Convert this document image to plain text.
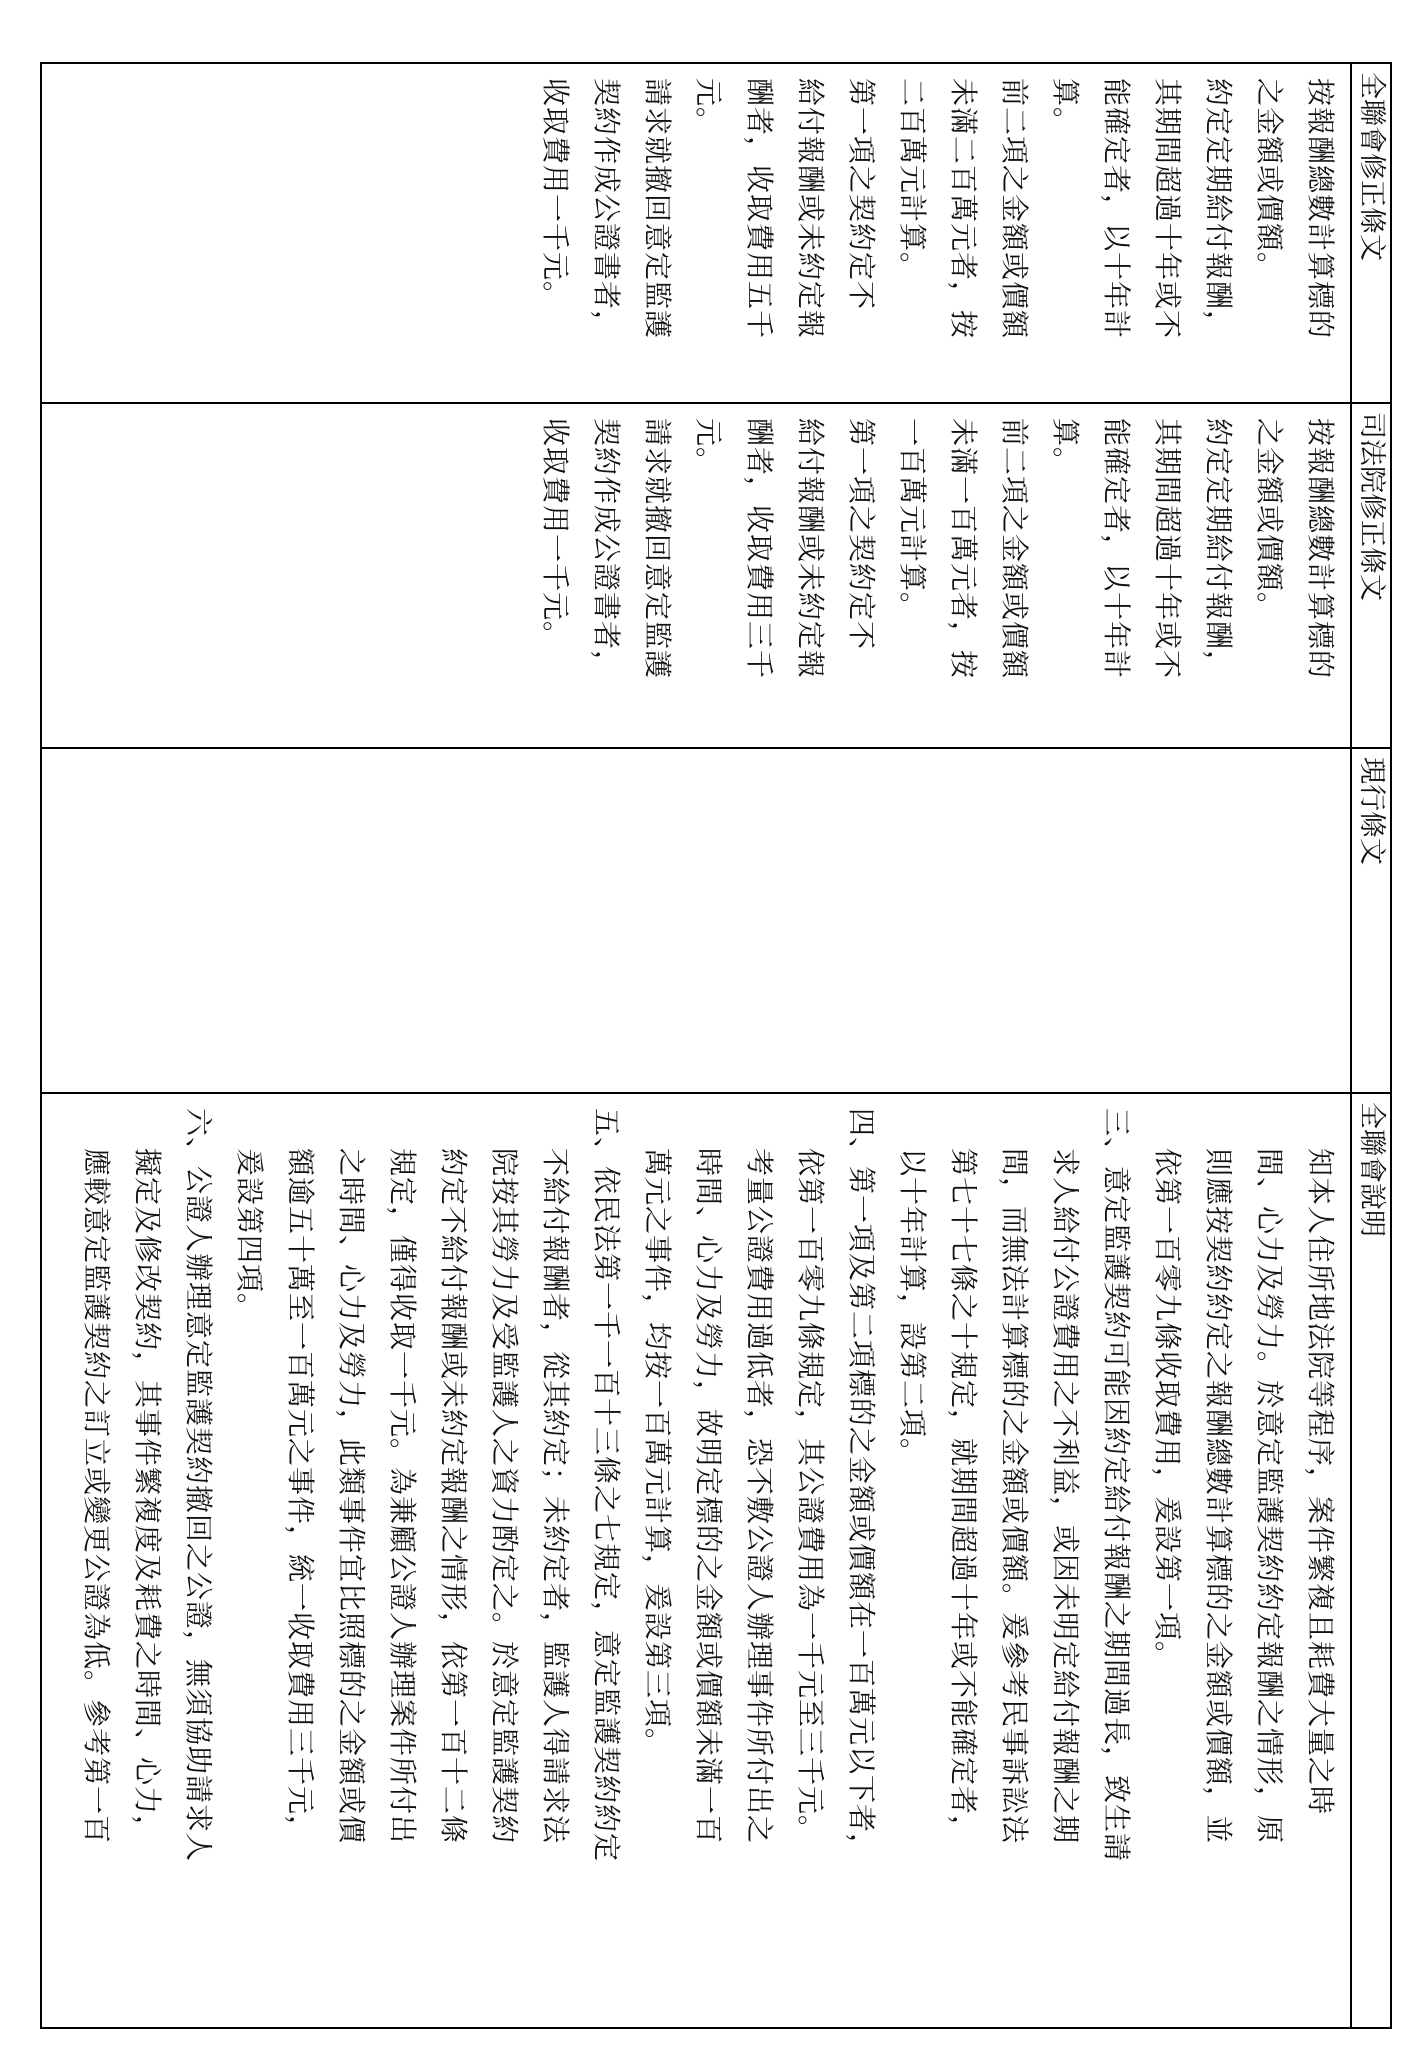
全聯會修正條文
司法院修正條文
現行條文
全聯會說明
按報酬總數計算標的
之金額或價額。
約定定期給付報酬，
其期間超過十年或不
能確定者，以十年計
算。
前二項之金額或價額
未滿二百萬元者，按
二百萬元計算。
第一項之契約定不
給付報酬或未約定報
酬者，收取費用五千
元。
請求就撤回意定監護
契約作成公證書者，
收取費用一千元。
按報酬總數計算標的
之金額或價額。
約定定期給付報酬，
其期間超過十年或不
能確定者，以十年計
算。
前二項之金額或價額
未滿一百萬元者，按
一百萬元計算。
第一項之契約定不
給付報酬或未約定報
酬者，收取費用三千
元。
請求就撤回意定監護
契約作成公證書者，
收取費用一千元。
知本人住所地法院等程序，案件繁複且耗費大量之時
間、心力及勞力。於意定監護契約約定報酬之情形，原
則應按契約約定之報酬總數計算標的之金額或價額，並
依第一百零九條收取費用，爰設第一項。
三、意定監護契約可能因約定給付報酬之期間過長，致生請
求人給付公證費用之不利益，或因未明定給付報酬之期
間，而無法計算標的之金額或價額。爰參考民事訴訟法
第七十七條之十規定，就期間超過十年或不能確定者，
以十年計算，設第二項。
四、第一項及第二項標的之金額或價額在一百萬元以下者，
依第一百零九條規定，其公證費用為一千元至三千元。
考量公證費用過低者，恐不敷公證人辦理事件所付出之
時間、心力及勞力，故明定標的之金額或價額未滿一百
萬元之事件，均按一百萬元計算，爰設第三項。
五、依民法第一千一百十三條之七規定，意定監護契約約定
不給付報酬者，從其約定；未約定者，監護人得請求法
院按其勞力及受監護人之資力酌定之。於意定監護契約
約定不給付報酬或未約定報酬之情形，依第一百十二條
規定，僅得收取一千元。為兼顧公證人辦理案件所付出
之時間、心力及勞力，此類事件宜比照標的之金額或價
額逾五十萬至一百萬元之事件，統一收取費用三千元，
爰設第四項。
六、公證人辦理意定監護契約撤回之公證，無須協助請求人
擬定及修改契約，其事件繁複度及耗費之時間、心力，
應較意定監護契約之訂立或變更公證為低。參考第一百
